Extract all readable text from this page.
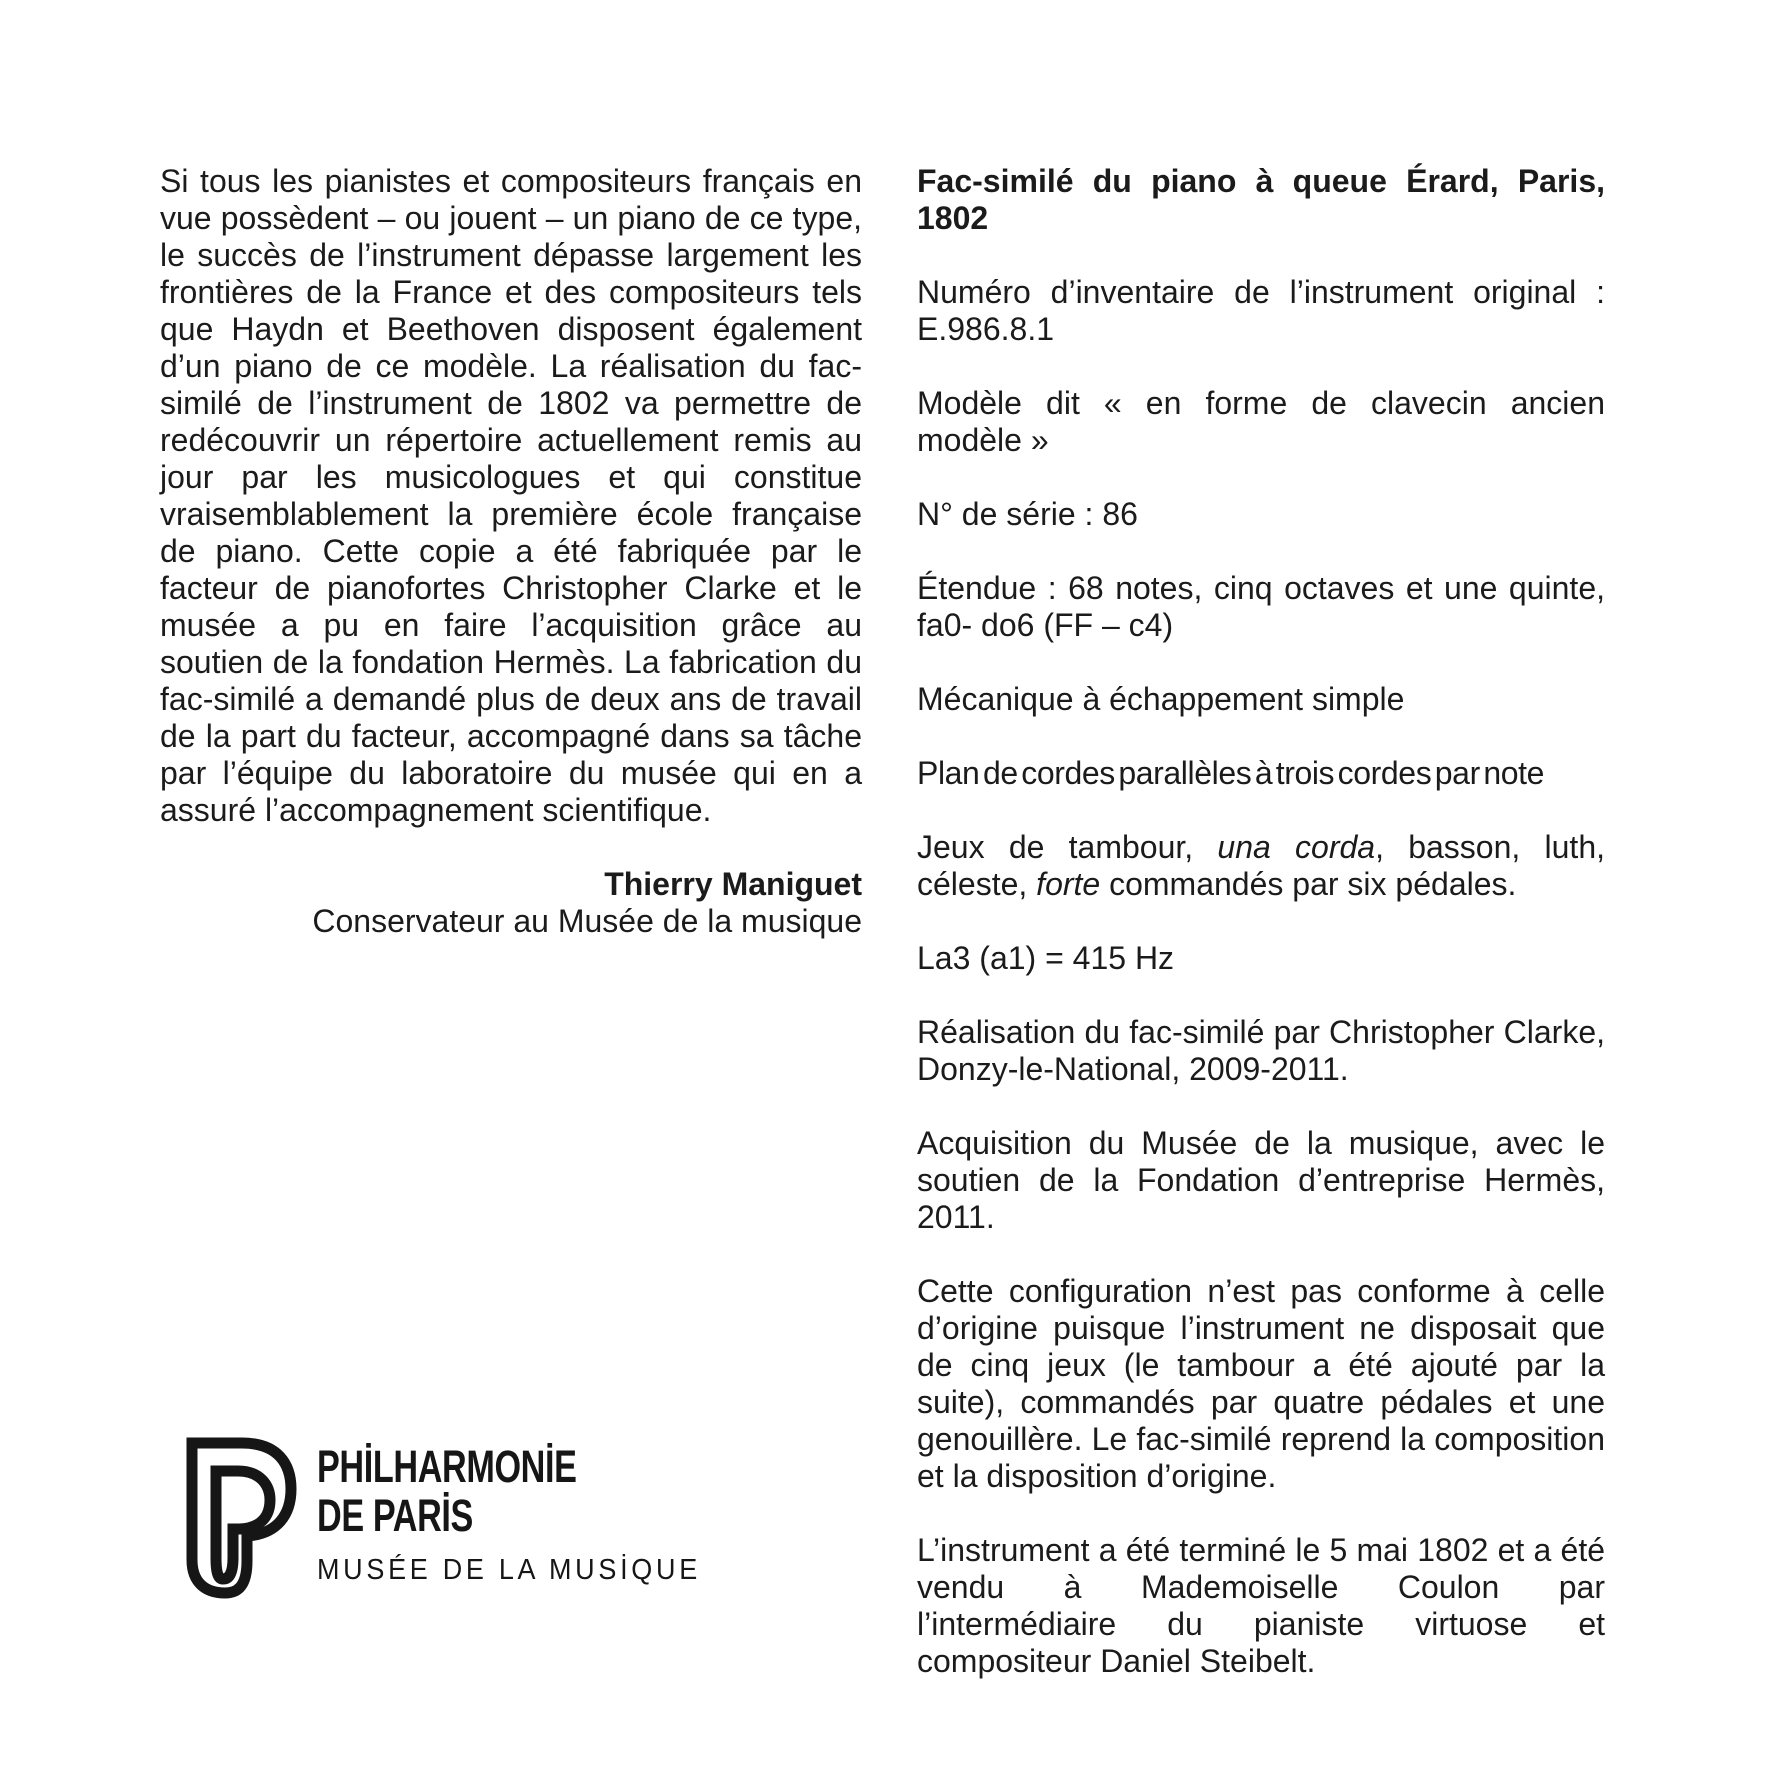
Si tous les pianistes et compositeurs français en vue possèdent – ou jouent – un piano de ce type, le succès de l’instrument dépasse largement les frontières de la France et des compositeurs tels que Haydn et Beethoven disposent également d’un piano de ce modèle. La réalisation du fac-similé de l’instrument de 1802 va permettre de redécouvrir un répertoire actuellement remis au jour par les musicologues et qui constitue vraisemblablement la première école française de piano. Cette copie a été fabriquée par le facteur de pianofortes Christopher Clarke et le musée a pu en faire l’acquisition grâce au soutien de la fondation Hermès. La fabrication du fac-similé a demandé plus de deux ans de travail de la part du facteur, accompagné dans sa tâche par l’équipe du laboratoire du musée qui en a assuré l’accompagnement scientifique.

Thierry Maniguet
Conservateur au Musée de la musique

Fac-similé du piano à queue Érard, Paris, 1802

Numéro d’inventaire de l’instrument original : E.986.8.1

Modèle dit « en forme de clavecin ancien modèle »

N° de série : 86

Étendue : 68 notes, cinq octaves et une quinte, fa0- do6 (FF – c4)

Mécanique à échappement simple

Plan de cordes parallèles à trois cordes par note

Jeux de tambour, una corda, basson, luth, céleste, forte commandés par six pédales.

La3 (a1) = 415 Hz

Réalisation du fac-similé par Christopher Clarke, Donzy-le-National, 2009-2011.

Acquisition du Musée de la musique, avec le soutien de la Fondation d’entreprise Hermès, 2011.

Cette configuration n’est pas conforme à celle d’origine puisque l’instrument ne disposait que de cinq jeux (le tambour a été ajouté par la suite), commandés par quatre pédales et une genouillère. Le fac-similé reprend la composition et la disposition d’origine.

L’instrument a été terminé le 5 mai 1802 et a été vendu à Mademoiselle Coulon par l’intermédiaire du pianiste virtuose et compositeur Daniel Steibelt.

PHİLHARMONİE
DE PARİS
MUSÉE DE LA MUSİQUE
